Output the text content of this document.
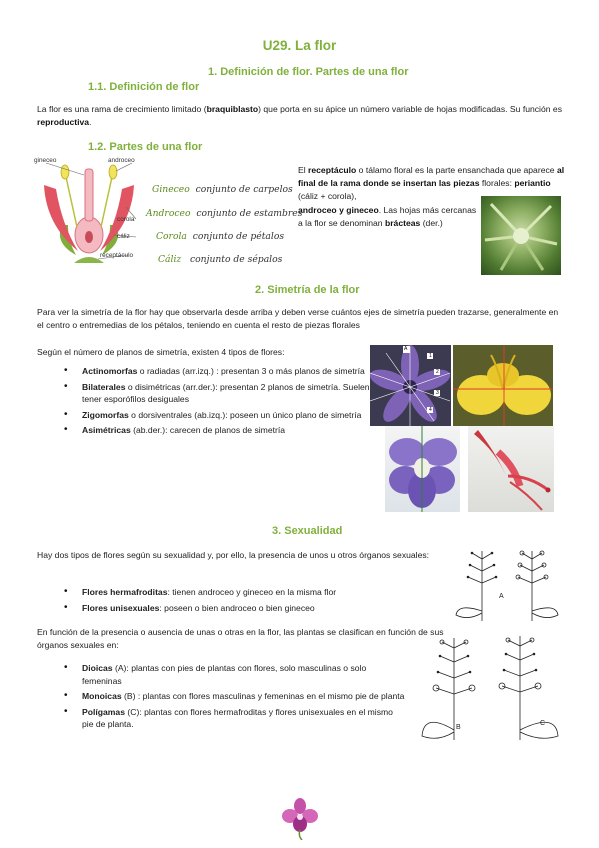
U29. La flor
1. Definición de flor. Partes de una flor
1.1. Definición de flor
La flor es una rama de crecimiento limitado (braquiblasto) que porta en su ápice un número variable de hojas modificadas. Su función es reproductiva.
1.2. Partes de una flor
gineceo	androceo
corola
cáliz
receptáculo
Gineceo conjunto de carpelos
Androceo conjunto de estambres
Corola conjunto de pétalos
Cáliz conjunto de sépalos
El receptáculo o tálamo floral es la parte ensanchada que aparece al final de la rama donde se insertan las piezas florales: periantio (cáliz + corola),
androceo y gineceo. Las hojas más cercanas a la flor se denominan brácteas (der.)
2. Simetría de la flor
Para ver la simetría de la flor hay que observarla desde arriba y deben verse cuántos ejes de simetría pueden trazarse, generalmente en el centro o entremedias de los pétalos, teniendo en cuenta el resto de piezas florales
Según el número de planos de simetría, existen 4 tipos de flores:
• Actinomorfas o radiadas (arr.izq.) : presentan 3 o más planos de simetría
• Bilaterales o disimétricas (arr.der.): presentan 2 planos de simetría. Suelen tener esporófilos desiguales
• Zigomorfas o dorsiventrales (ab.izq.): poseen un único plano de simetría
• Asimétricas (ab.der.): carecen de planos de simetría
A
1
2
3
4
3. Sexualidad
Hay dos tipos de flores según su sexualidad y, por ello, la presencia de unos u otros órganos sexuales:
• Flores hermafroditas: tienen androceo y gineceo en la misma flor
• Flores unisexuales: poseen o bien androceo o bien gineceo
En función de la presencia o ausencia de unas o otras en la flor, las plantas se clasifican en función de sus órganos sexuales en:
• Dioicas (A): plantas con pies de plantas con flores, solo masculinas o solo femeninas
• Monoicas (B) : plantas con flores masculinas y femeninas en el mismo pie de planta
• Polígamas (C): plantas con flores hermafroditas y flores unisexuales en el mismo pie de planta.
A
B
C
